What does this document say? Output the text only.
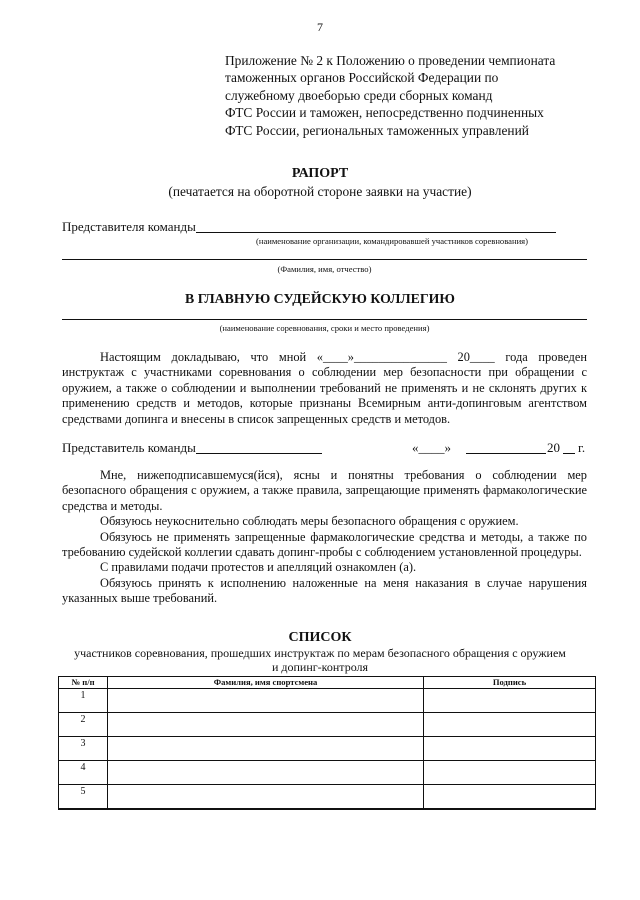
7
Приложение № 2 к Положению о проведении чемпионата
таможенных органов Российской Федерации по
служебному двоеборью среди сборных команд
ФТС России и таможен, непосредственно подчиненных
ФТС России, региональных таможенных управлений
РАПОРТ
(печатается на оборотной стороне заявки на участие)
Представителя команды
(наименование организации, командировавшей участников соревнования)
(Фамилия, имя, отчество)
В ГЛАВНУЮ СУДЕЙСКУЮ КОЛЛЕГИЮ
(наименование соревнования, сроки и место проведения)
Настоящим докладываю, что мной «____»_______________ 20____ года проведен инструктаж с участниками соревнования о соблюдении мер безопасности при обращении с оружием, а также о соблюдении и выполнении требований не применять и не склонять других к применению средств и методов, которые признаны Всемирным анти-допинговым агентством средствами допинга и внесены в список запрещенных средств и методов.
Представитель команды	«____»	20 г.
Мне, нижеподписавшемуся(йся), ясны и понятны требования о соблюдении мер безопасного обращения с оружием, а также правила, запрещающие применять фармакологические средства и методы.
Обязуюсь неукоснительно соблюдать меры безопасного обращения с оружием.
Обязуюсь не применять запрещенные фармакологические средства и методы, а также по требованию судейской коллегии сдавать допинг-пробы с соблюдением установленной процедуры.
С правилами подачи протестов и апелляций ознакомлен (а).
Обязуюсь принять к исполнению наложенные на меня наказания в случае нарушения указанных выше требований.
СПИСОК
участников соревнования, прошедших инструктаж по мерам безопасного обращения с оружием
и допинг-контроля
№ п/п	Фамилия, имя спортсмена	Подпись
1		
2		
3		
4		
5		
